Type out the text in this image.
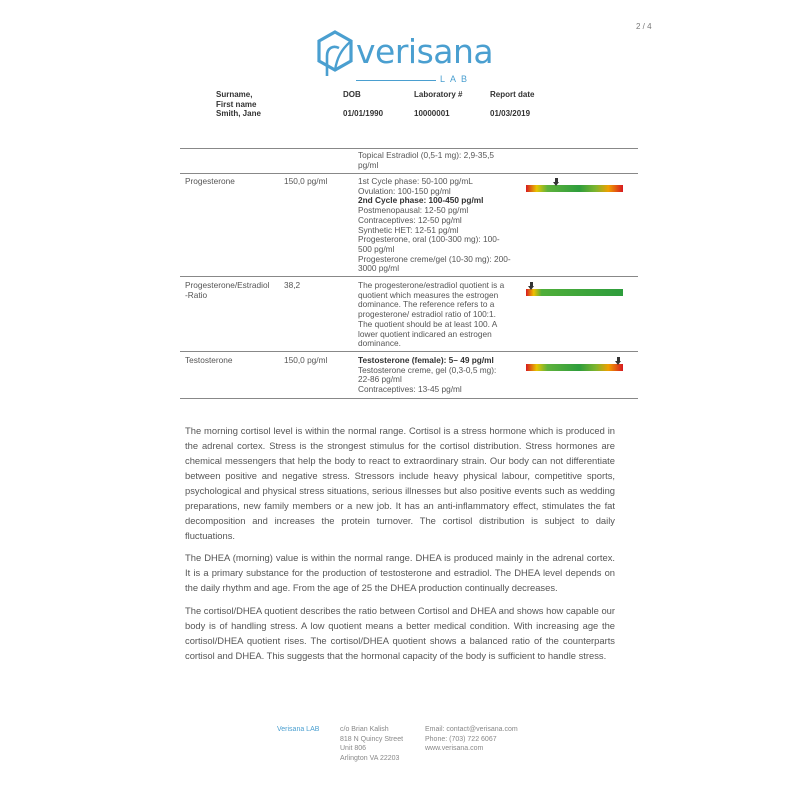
2 / 4
verisana
LAB
Surname,
First name
Smith, Jane
DOB

01/01/1990
Laboratory #

10000001
Report date

01/03/2019
Topical Estradiol (0,5-1 mg): 2,9-35,5
pg/ml
Progesterone	150,0 pg/ml	1st Cycle phase: 50-100 pg/mL
Ovulation: 100-150 pg/ml
2nd Cycle phase: 100-450 pg/ml
Postmenopausal: 12-50 pg/ml
Contraceptives: 12-50 pg/ml
Synthetic HET: 12-51 pg/ml
Progesterone, oral (100-300 mg): 100-
500 pg/ml
Progesterone creme/gel (10-30 mg): 200-
3000 pg/ml
Progesterone/Estradiol
-Ratio
38,2	The progesterone/estradiol quotient is a
quotient which measures the estrogen
dominance. The reference refers to a
progesterone/ estradiol ratio of 100:1.
The quotient should be at least 100. A
lower quotient indicared an estrogen
dominance.
Testosterone	150,0 pg/ml	Testosterone (female): 5– 49 pg/ml
Testosterone creme, gel (0,3-0,5 mg):
22-86 pg/ml
Contraceptives: 13-45 pg/ml

The morning cortisol level is within the normal range. Cortisol is a stress hormone which is produced in the adrenal cortex. Stress is the strongest stimulus for the cortisol distribution. Stress hormones are chemical messengers that help the body to react to extraordinary strain. Our body can not differentiate between positive and negative stress. Stressors include heavy physical labour, competitive sports, psychological and physical stress situations, serious illnesses but also positive events such as wedding preparations, new family members or a new job. It has an anti-inflammatory effect, stimulates the fat decomposition and increases the protein turnover. The cortisol distribution is subject to daily fluctuations.

The DHEA (morning) value is within the normal range. DHEA is produced mainly in the adrenal cortex. It is a primary substance for the production of testosterone and estradiol. The DHEA level depends on the daily rhythm and age. From the age of 25 the DHEA production continually decreases.

The cortisol/DHEA quotient describes the ratio between Cortisol and DHEA and shows how capable our body is of handling stress. A low quotient means a better medical condition. With increasing age the cortisol/DHEA quotient rises. The cortisol/DHEA quotient shows a balanced ratio of the counterparts cortisol and DHEA. This suggests that the hormonal capacity of the body is sufficient to handle stress.

Verisana LAB	c/o Brian Kalish
818 N Quincy Street
Unit 806
Arlington VA 22203
Email: contact@verisana.com
Phone: (703) 722 6067
www.verisana.com
